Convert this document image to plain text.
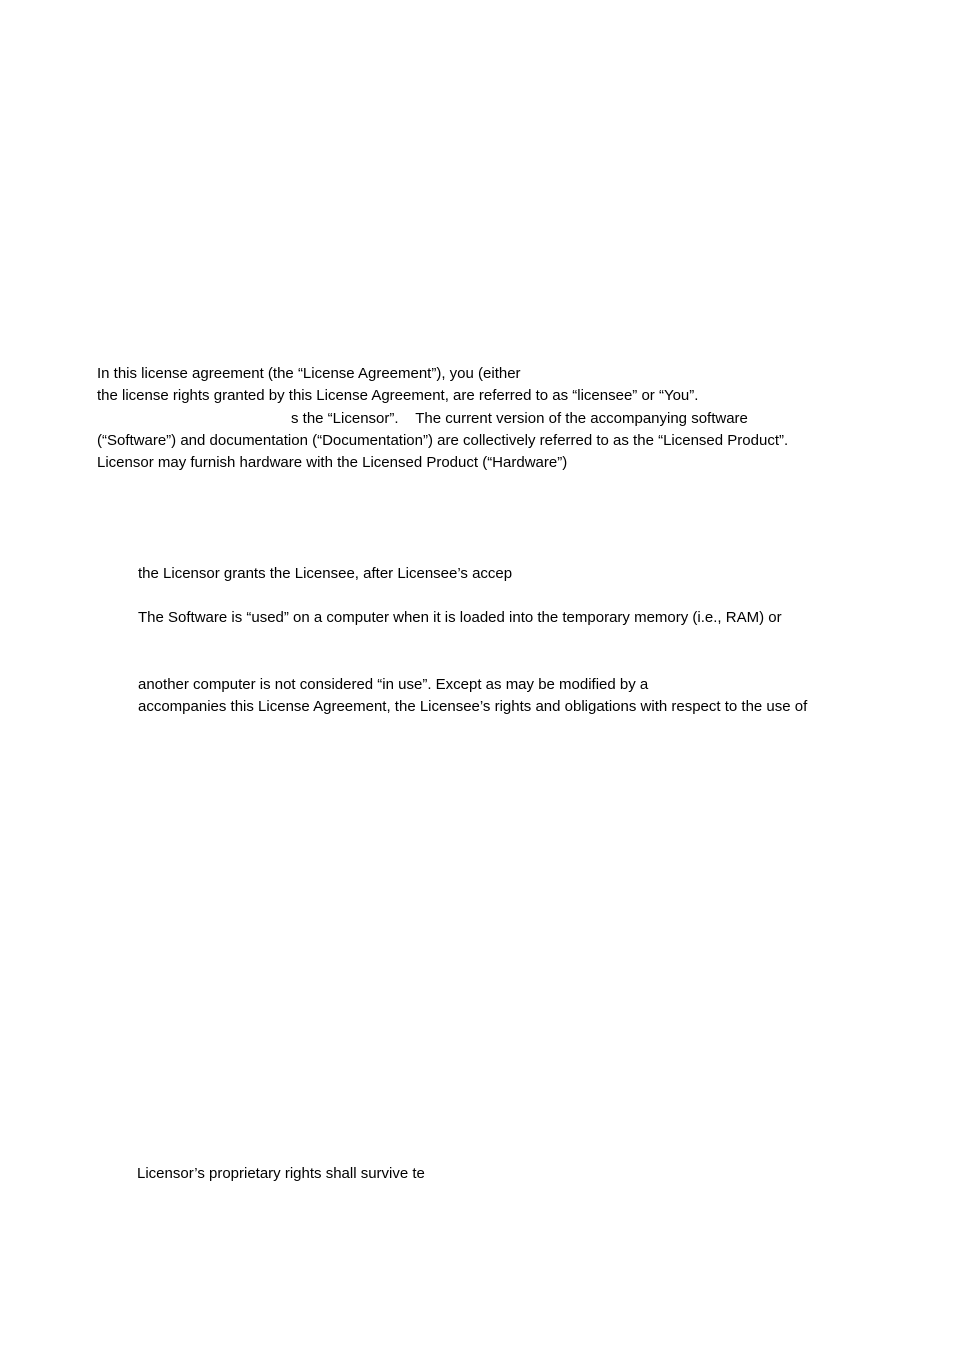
In this license agreement (the “License Agreement”), you (either

the license rights granted by this License Agreement, are referred to as “licensee” or “You”.

s the “Licensor”.    The current version of the accompanying software

(“Software”) and documentation (“Documentation”) are collectively referred to as the “Licensed Product”.

Licensor may furnish hardware with the Licensed Product (“Hardware”)

the Licensor grants the Licensee, after Licensee’s accep

The Software is “used” on a computer when it is loaded into the temporary memory (i.e., RAM) or

another computer is not considered “in use”. Except as may be modified by a

accompanies this License Agreement, the Licensee’s rights and obligations with respect to the use of

Licensor’s proprietary rights shall survive te
